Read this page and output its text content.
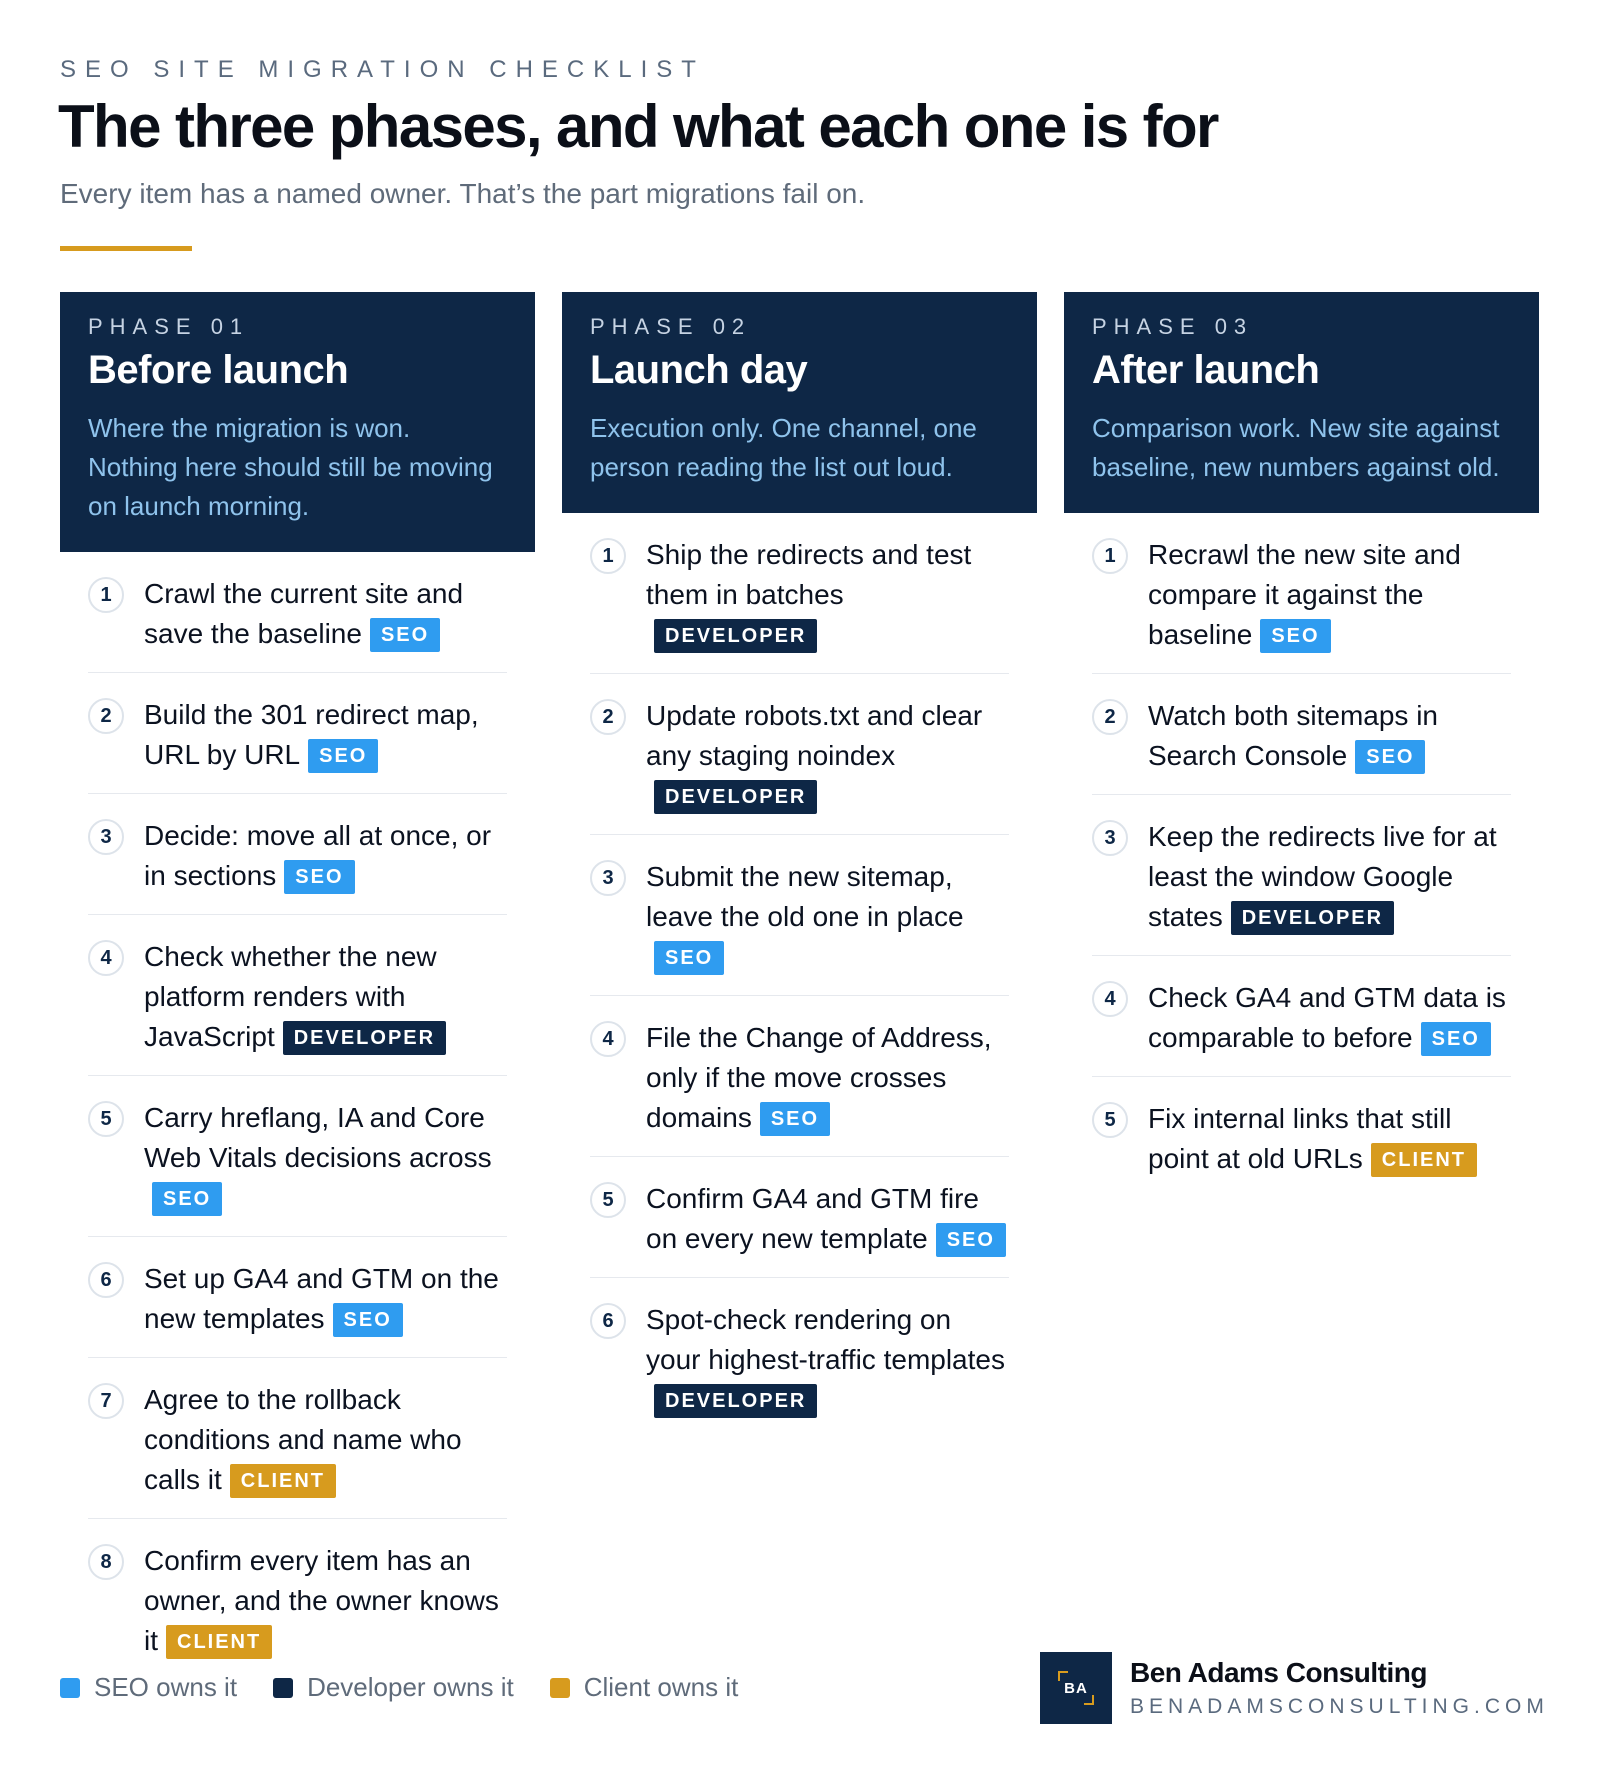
SEO SITE MIGRATION CHECKLIST
The three phases, and what each one is for
Every item has a named owner. That’s the part migrations fail on.
PHASE 01
Before launch
Where the migration is won. Nothing here should still be moving on launch morning.
1	Crawl the current site and save the baseline SEO
2	Build the 301 redirect map, URL by URL SEO
3	Decide: move all at once, or in sections SEO
4	Check whether the new platform renders with JavaScript DEVELOPER
5	Carry hreflang, IA and Core Web Vitals decisions acrossSEO
6	Set up GA4 and GTM on the new templates SEO
7	Agree to the rollback conditions and name who calls it CLIENT
8	Confirm every item has an owner, and the owner knows it CLIENT
PHASE 02
Launch day
Execution only. One channel, one person reading the list out loud.
1	Ship the redirects and test them in batchesDEVELOPER
2	Update robots.txt and clear any staging noindexDEVELOPER
3	Submit the new sitemap, leave the old one in placeSEO
4	File the Change of Address, only if the move crosses domains SEO
5	Confirm GA4 and GTM fire on every new template SEO
6	Spot-check rendering on your highest-traffic templatesDEVELOPER
PHASE 03
After launch
Comparison work. New site against baseline, new numbers against old.
1	Recrawl the new site and compare it against the baseline SEO
2	Watch both sitemaps in Search Console SEO
3	Keep the redirects live for at least the window Google states DEVELOPER
4	Check GA4 and GTM data is comparable to before SEO
5	Fix internal links that still point at old URLs CLIENT
SEO owns it	Developer owns it	Client owns it	BA Ben Adams Consulting
BENADAMSCONSULTING.COM
